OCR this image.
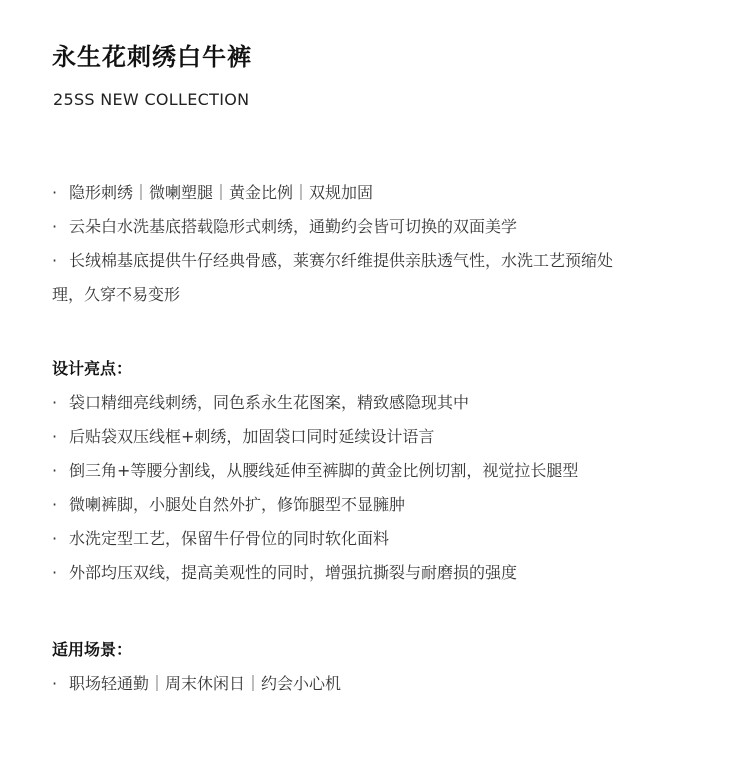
永生花刺绣白牛裤
25SS NEW COLLECTION
· 隐形刺绣｜微喇塑腿｜黄金比例｜双规加固
· 云朵白水洗基底搭载隐形式刺绣，通勤约会皆可切换的双面美学
· 长绒棉基底提供牛仔经典骨感，莱赛尔纤维提供亲肤透气性，水洗工艺预缩处
理，久穿不易变形
设计亮点：
· 袋口精细亮线刺绣，同色系永生花图案，精致感隐现其中
· 后贴袋双压线框+刺绣，加固袋口同时延续设计语言
· 倒三角+等腰分割线，从腰线延伸至裤脚的黄金比例切割，视觉拉长腿型
· 微喇裤脚，小腿处自然外扩，修饰腿型不显臃肿
· 水洗定型工艺，保留牛仔骨位的同时软化面料
· 外部均压双线，提高美观性的同时，增强抗撕裂与耐磨损的强度
适用场景：
· 职场轻通勤｜周末休闲日｜约会小心机
